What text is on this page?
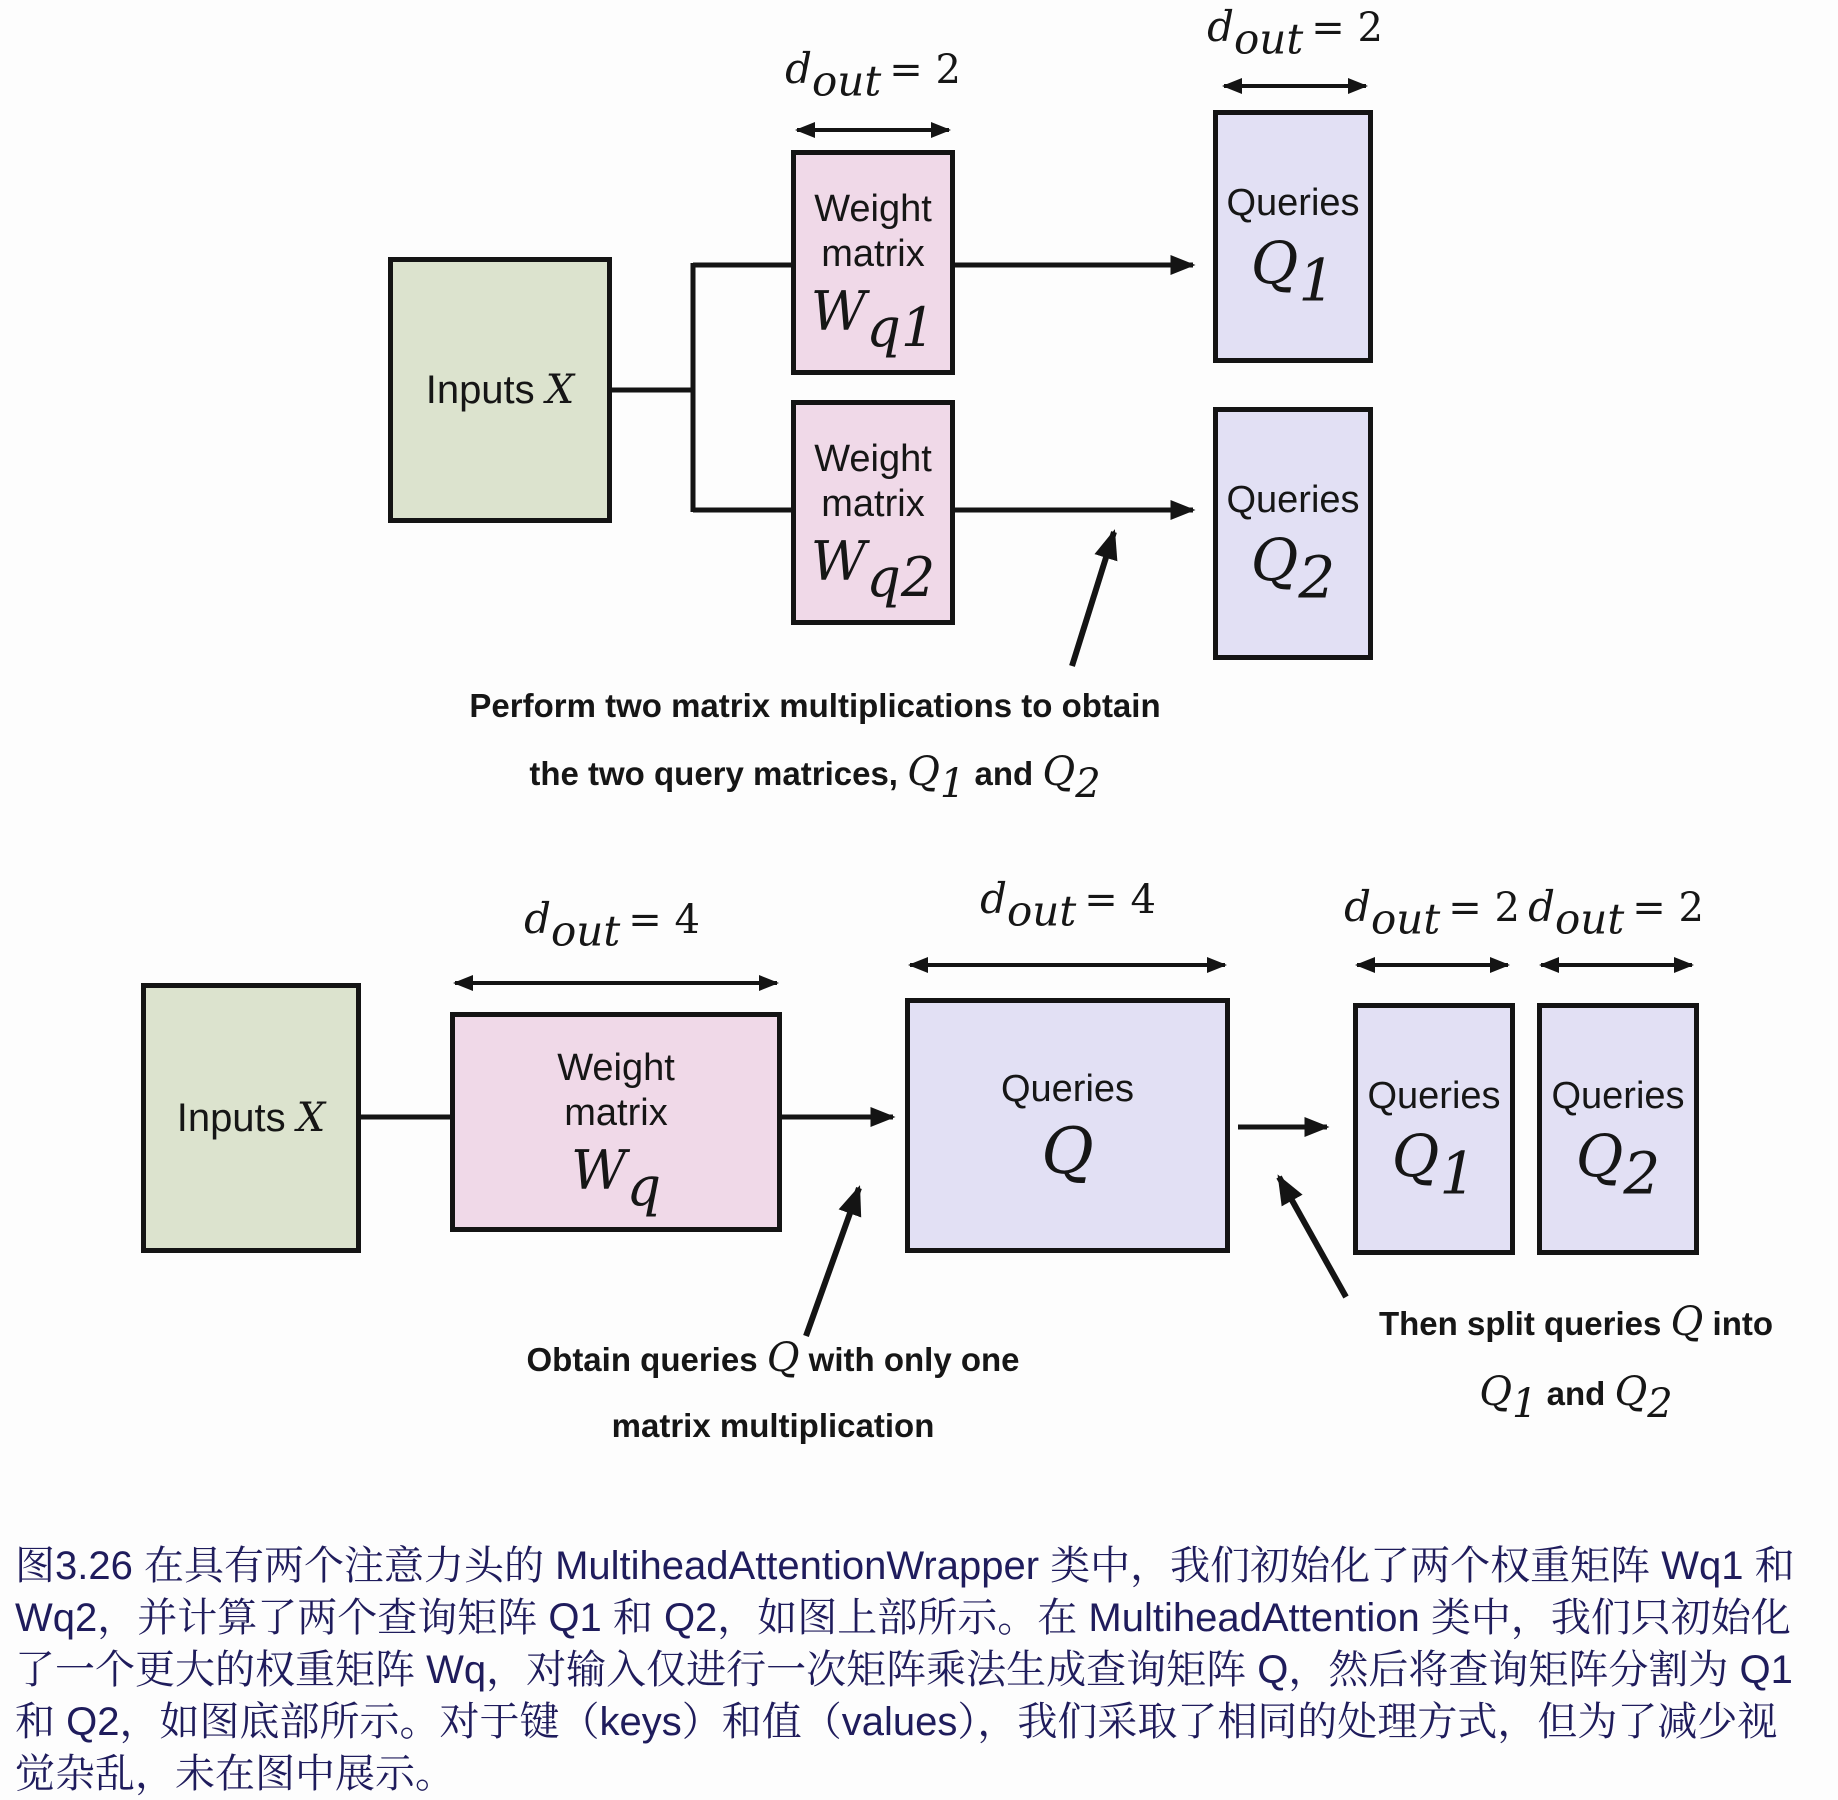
$d_{out} = 2$
$d_{out} = 2$
Inputs X
Weight
matrix
$W_{q1}$
Weight
matrix
$W_{q2}$
Queries
$Q_1$
Queries
$Q_2$
Perform two matrix multiplications to obtain
the two query matrices, $Q_1$ and $Q_2$
$d_{out} = 4$	$d_{out} = 4$	$d_{out} = 2$ $d_{out} = 2$
Inputs X
Weight
matrix
$W_q$
Queries
Q
Queries
$Q_1$
Queries
$Q_2$
Obtain queries Q with only one
matrix multiplication
Then split queries Q into
$Q_1$ and $Q_2$
图3.26 在具有两个注意力头的 MultiheadAttentionWrapper 类中，我们初始化了两个权重矩阵 Wq1 和
Wq2，并计算了两个查询矩阵 Q1 和 Q2，如图上部所示。在 MultiheadAttention 类中，我们只初始化
了一个更大的权重矩阵 Wq，对输入仅进行一次矩阵乘法生成查询矩阵 Q，然后将查询矩阵分割为 Q1
和 Q2，如图底部所示。对于键（keys）和值（values），我们采取了相同的处理方式，但为了减少视
觉杂乱，未在图中展示。
